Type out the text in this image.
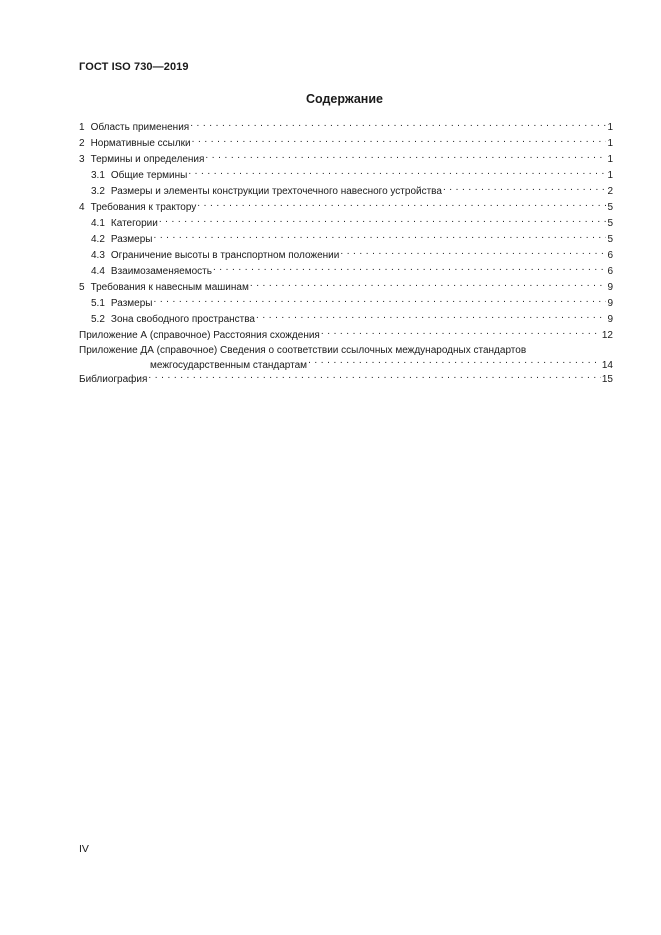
ГОСТ ISO 730—2019
Содержание
1 Область применения . . .	1
2 Нормативные ссылки . . .	1
3 Термины и определения . . .	1
3.1 Общие термины . . .	1
3.2 Размеры и элементы конструкции трехточечного навесного устройства . . .	2
4 Требования к трактору . . .	5
4.1 Категории . . .	5
4.2 Размеры . . .	5
4.3 Ограничение высоты в транспортном положении . . .	6
4.4 Взаимозаменяемость . . .	6
5 Требования к навесным машинам . . .	9
5.1 Размеры . . .	9
5.2 Зона свободного пространства . . .	9
Приложение А (справочное) Расстояния схождения . . .	12
Приложение ДА (справочное) Сведения о соответствии ссылочных международных стандартов
межгосударственным стандартам . . .	14
Библиография . . .	15
IV
